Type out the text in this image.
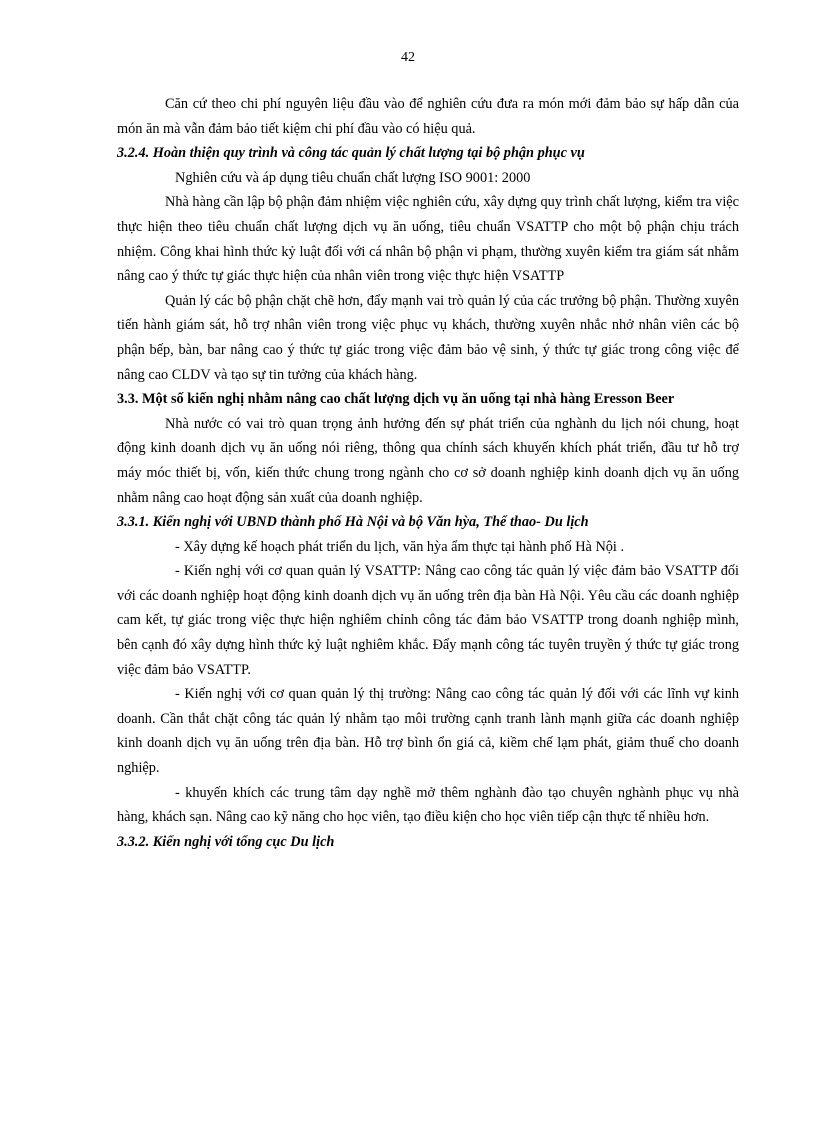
42

Căn cứ theo chi phí nguyên liệu đầu vào để nghiên cứu đưa ra món mới đảm bảo sự hấp dẫn của món ăn mà vẫn đảm bảo tiết kiệm chi phí đầu vào có hiệu quả.

3.2.4. Hoàn thiện quy trình và công tác quản lý chất lượng tại bộ phận phục vụ

Nghiên cứu và áp dụng tiêu chuẩn chất lượng ISO 9001: 2000

Nhà hàng cần lập bộ phận đảm nhiệm việc nghiên cứu, xây dựng quy trình chất lượng, kiểm tra việc thực hiện theo tiêu chuẩn chất lượng dịch vụ ăn uống, tiêu chuẩn VSATTP cho một bộ phận chịu trách nhiệm. Công khai hình thức kỷ luật đối với cá nhân bộ phận vi phạm, thường xuyên kiểm tra giám sát nhằm nâng cao ý thức tự giác thực hiện của nhân viên trong việc thực hiện VSATTP

Quản lý các bộ phận chặt chẽ hơn, đẩy mạnh vai trò quản lý của các trưởng bộ phận. Thường xuyên tiến hành giám sát, hỗ trợ nhân viên trong việc phục vụ khách, thường xuyên nhắc nhở nhân viên các bộ phận bếp, bàn, bar nâng cao ý thức tự giác trong việc đảm bảo vệ sinh, ý thức tự giác trong công việc để nâng cao CLDV và tạo sự tin tưởng của khách hàng.

3.3. Một số kiến nghị nhằm nâng cao chất lượng dịch vụ ăn uống tại nhà hàng Eresson Beer

Nhà nước có vai trò quan trọng ảnh hưởng đến sự phát triển của nghành du lịch nói chung, hoạt động kinh doanh dịch vụ ăn uống nói riêng, thông qua chính sách khuyến khích phát triển, đầu tư hỗ trợ máy móc thiết bị, vốn, kiến thức chung trong ngành cho cơ sở doanh nghiệp kinh doanh dịch vụ ăn uống nhằm nâng cao hoạt động sản xuất của doanh nghiệp.

3.3.1. Kiến nghị với UBND thành phố Hà Nội và bộ Văn hỳa, Thể thao- Du lịch

- Xây dựng kế hoạch phát triển du lịch, văn hỳa ẩm thực tại hành phố Hà Nội .

- Kiến nghị với cơ quan quản lý VSATTP: Nâng cao công tác quản lý việc đảm bảo VSATTP đối với các doanh nghiệp hoạt động kinh doanh dịch vụ ăn uống trên địa bàn Hà Nội. Yêu cầu các doanh nghiệp cam kết, tự giác trong việc thực hiện nghiêm chỉnh công tác đảm bảo VSATTP trong doanh nghiệp mình, bên cạnh đó xây dựng hình thức kỷ luật nghiêm khắc. Đẩy mạnh công tác tuyên truyền ý thức tự giác trong việc đảm bảo VSATTP.

- Kiến nghị với cơ quan quản lý thị trường: Nâng cao công tác quản lý đối với các lĩnh vự kinh doanh. Cần thắt chặt công tác quản lý nhằm tạo môi trường cạnh tranh lành mạnh giữa các doanh nghiệp kinh doanh dịch vụ ăn uống trên địa bàn. Hỗ trợ bình ổn giá cả, kiềm chế lạm phát, giảm thuế cho doanh nghiệp.

- khuyến khích các trung tâm dạy nghề mở thêm nghành đào tạo chuyên nghành phục vụ nhà hàng, khách sạn. Nâng cao kỹ năng cho học viên, tạo điều kiện cho học viên tiếp cận thực tế nhiều hơn.

3.3.2. Kiến nghị với tổng cục Du lịch
